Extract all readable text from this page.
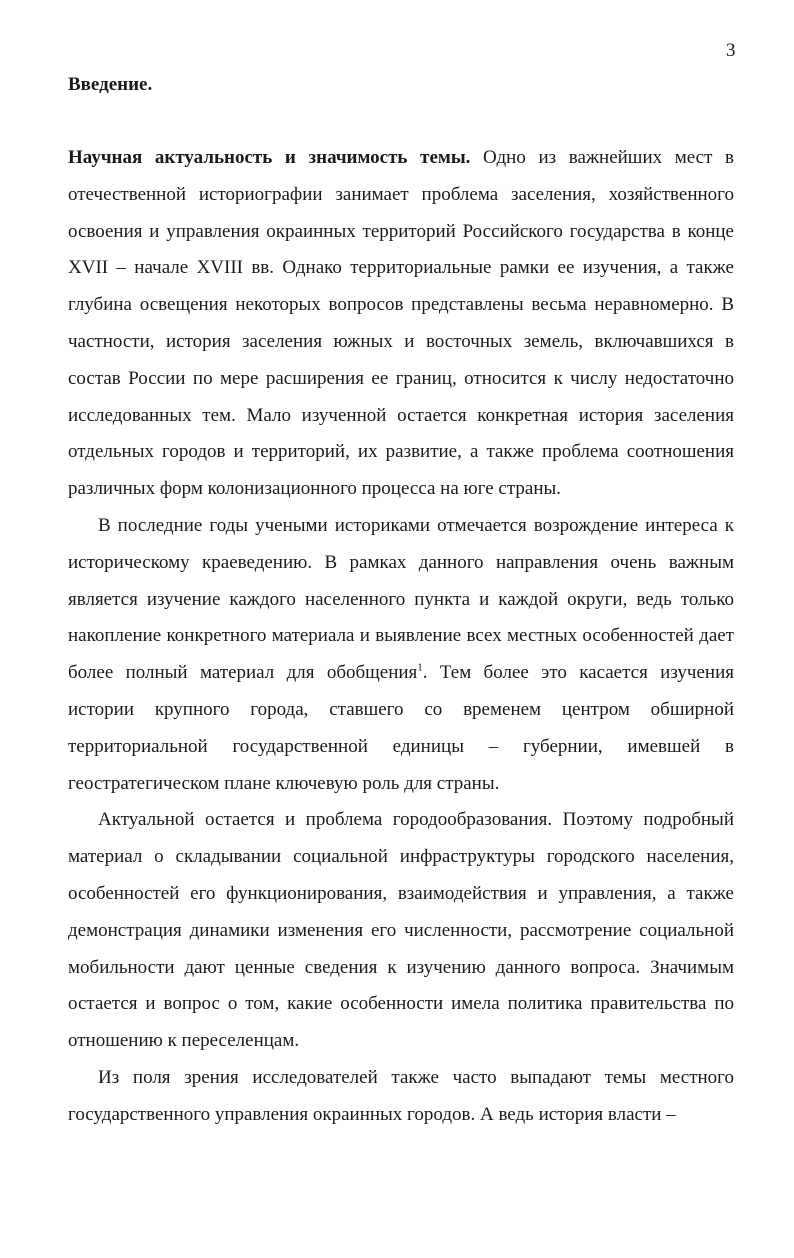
3
Введение.

Научная актуальность и значимость темы. Одно из важнейших мест в отечественной историографии занимает проблема заселения, хозяйственного освоения и управления окраинных территорий Российского государства в конце XVII – начале XVIII вв. Однако территориальные рамки ее изучения, а также глубина освещения некоторых вопросов представлены весьма неравномерно. В частности, история заселения южных и восточных земель, включавшихся в состав России по мере расширения ее границ, относится к числу недостаточно исследованных тем. Мало изученной остается конкретная история заселения отдельных городов и территорий, их развитие, а также проблема соотношения различных форм колонизационного процесса на юге страны.

В последние годы учеными историками отмечается возрождение интереса к историческому краеведению. В рамках данного направления очень важным является изучение каждого населенного пункта и каждой округи, ведь только накопление конкретного материала и выявление всех местных особенностей дает более полный материал для обобщения$^1$. Тем более это касается изучения истории крупного города, ставшего со временем центром обширной территориальной государственной единицы – губернии, имевшей в геостратегическом плане ключевую роль для страны.

Актуальной остается и проблема городообразования. Поэтому подробный материал о складывании социальной инфраструктуры городского населения, особенностей его функционирования, взаимодействия и управления, а также демонстрация динамики изменения его численности, рассмотрение социальной мобильности дают ценные сведения к изучению данного вопроса. Значимым остается и вопрос о том, какие особенности имела политика правительства по отношению к переселенцам.

Из поля зрения исследователей также часто выпадают темы местного государственного управления окраинных городов. А ведь история власти –
